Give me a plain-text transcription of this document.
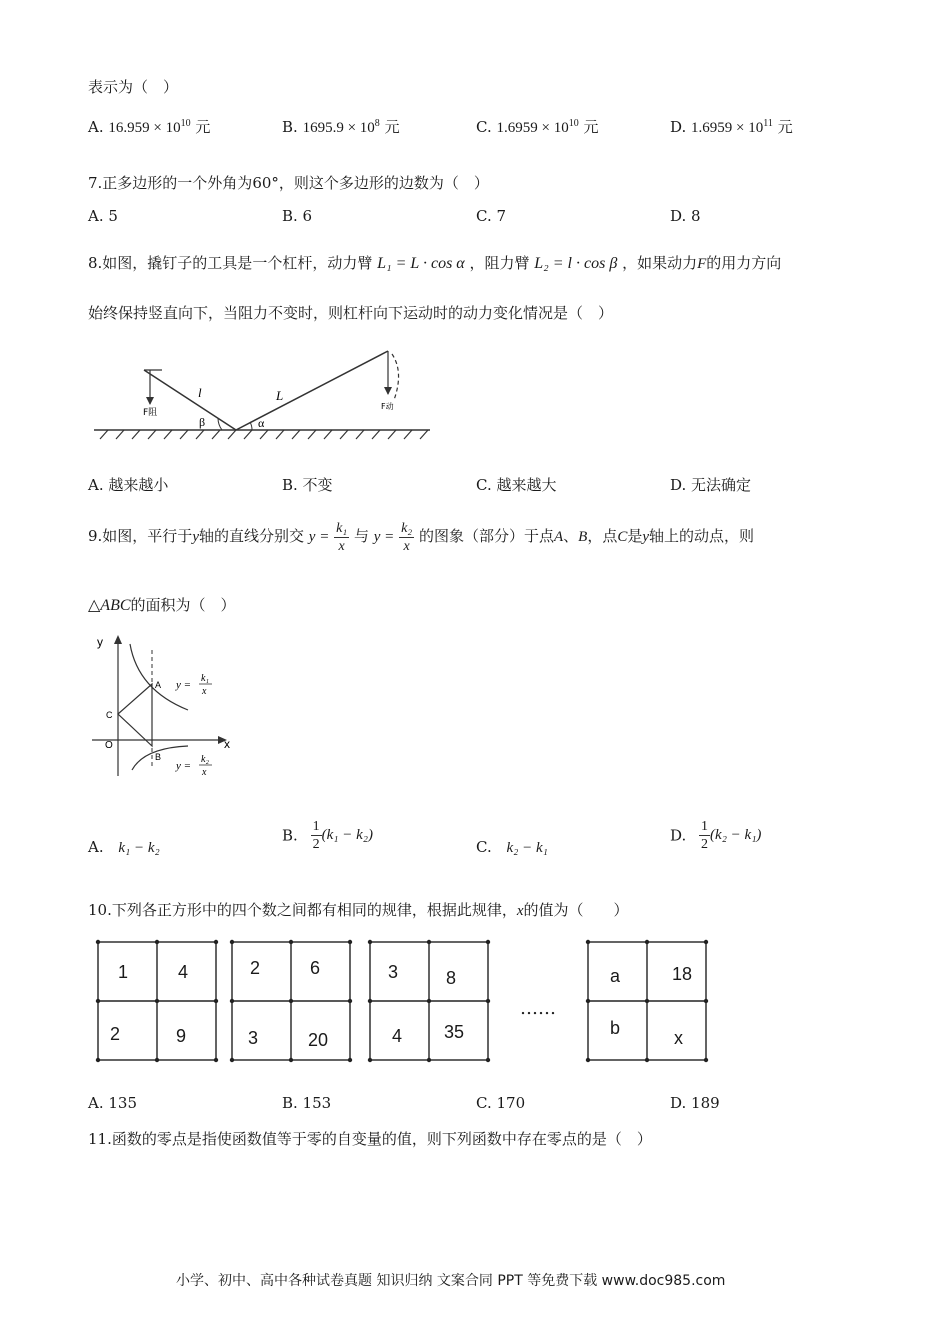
表示为（　）
A. $16.959 \times 10^{10}$ 元	B. $1695.9 \times 10^8$ 元	C. $1.6959 \times 10^{10}$ 元	D. $1.6959 \times 10^{11}$ 元
7.正多边形的一个外角为60°，则这个多边形的边数为（　）
A. 5	B. 6	C. 7	D. 8
8.如图，撬钉子的工具是一个杠杆，动力臂 L₁ = L · cos α ，阻力臂 L₂ = l · cos β ，如果动力F的用力方向
始终保持竖直向下，当阻力不变时，则杠杆向下运动时的动力变化情况是（　）
l	L
β	α
F阻
F动
A. 越来越小	B. 不变	C. 越来越大	D. 无法确定
9.如图，平行于y轴的直线分别交 $y = \frac{\text{k₁}}{x}$ 与 $y = \frac{\text{k₂}}{x}$ 的图象（部分）于点A、B，点C是y轴上的动点，则
△ABC的面积为（　）
y
x
O
A
B
C
y =
k₁
x
y =
k₂
x
A. k₁ − k₂
B. $\frac{1}{2} (k_1 - k_2)$
C. k₂ − k₁
D. $\frac{1}{2} (k_2 - k_1)$
10.下列各正方形中的四个数之间都有相同的规律，根据此规律，x的值为（　　）
1	4
2	9
2	6
3	20
3	8
4	35
……
a	18
b	x
A. 135	B. 153	C. 170	D. 189
11.函数的零点是指使函数值等于零的自变量的值，则下列函数中存在零点的是（　）
小学、初中、高中各种试卷真题 知识归纳 文案合同 PPT 等免费下载 www.doc985.com
